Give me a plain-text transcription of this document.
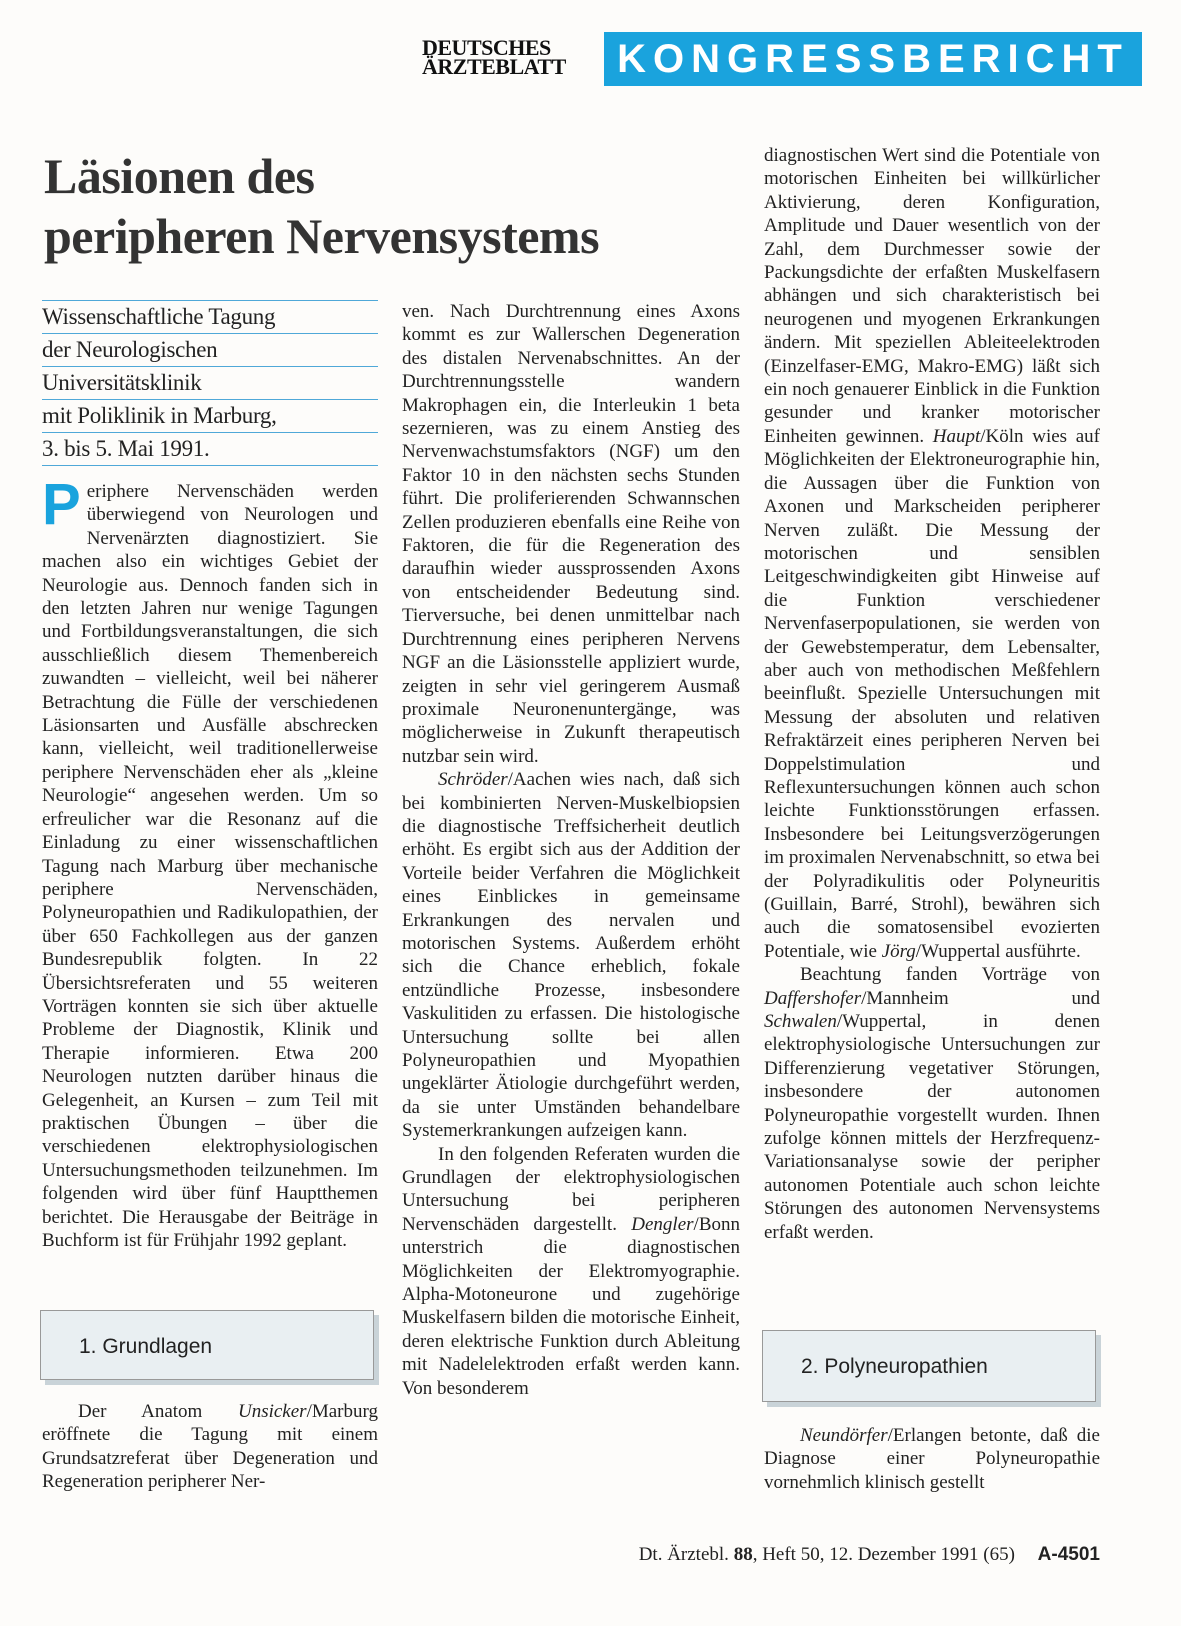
DEUTSCHES
ÄRZTEBLATT	KONGRESSBERICHT
Läsionen des
peripheren Nervensystems
Wissenschaftliche Tagung
der Neurologischen
Universitätsklinik
mit Poliklinik in Marburg,
3. bis 5. Mai 1991.

Periphere Nervenschäden werden überwiegend von Neurologen und Nervenärzten diagnostiziert. Sie machen also ein wichtiges Gebiet der Neurologie aus. Dennoch fanden sich in den letzten Jahren nur wenige Tagungen und Fortbildungsveranstaltungen, die sich ausschließlich diesem Themenbereich zuwandten – vielleicht, weil bei näherer Betrachtung die Fülle der verschiedenen Läsionsarten und Ausfälle abschrecken kann, vielleicht, weil traditionellerweise periphere Nervenschäden eher als „kleine Neurologie“ angesehen werden. Um so erfreulicher war die Resonanz auf die Einladung zu einer wissenschaftlichen Tagung nach Marburg über mechanische periphere Nervenschäden, Polyneuropathien und Radikulopathien, der über 650 Fachkollegen aus der ganzen Bundesrepublik folgten. In 22 Übersichtsreferaten und 55 weiteren Vorträgen konnten sie sich über aktuelle Probleme der Diagnostik, Klinik und Therapie informieren. Etwa 200 Neurologen nutzten darüber hinaus die Gelegenheit, an Kursen – zum Teil mit praktischen Übungen – über die verschiedenen elektrophysiologischen Untersuchungsmethoden teilzunehmen. Im folgenden wird über fünf Hauptthemen berichtet. Die Herausgabe der Beiträge in Buchform ist für Frühjahr 1992 geplant.

1. Grundlagen

Der Anatom Unsicker/Marburg eröffnete die Tagung mit einem Grundsatzreferat über Degeneration und Regeneration peripherer Ner-

ven. Nach Durchtrennung eines Axons kommt es zur Wallerschen Degeneration des distalen Nervenabschnittes. An der Durchtrennungsstelle wandern Makrophagen ein, die Interleukin 1 beta sezernieren, was zu einem Anstieg des Nervenwachstumsfaktors (NGF) um den Faktor 10 in den nächsten sechs Stunden führt. Die proliferierenden Schwannschen Zellen produzieren ebenfalls eine Reihe von Faktoren, die für die Regeneration des daraufhin wieder aussprossenden Axons von entscheidender Bedeutung sind. Tierversuche, bei denen unmittelbar nach Durchtrennung eines peripheren Nervens NGF an die Läsionsstelle appliziert wurde, zeigten in sehr viel geringerem Ausmaß proximale Neuronenuntergänge, was möglicherweise in Zukunft therapeutisch nutzbar sein wird.

Schröder/Aachen wies nach, daß sich bei kombinierten Nerven-Muskelbiopsien die diagnostische Treffsicherheit deutlich erhöht. Es ergibt sich aus der Addition der Vorteile beider Verfahren die Möglichkeit eines Einblickes in gemeinsame Erkrankungen des nervalen und motorischen Systems. Außerdem erhöht sich die Chance erheblich, fokale entzündliche Prozesse, insbesondere Vaskulitiden zu erfassen. Die histologische Untersuchung sollte bei allen Polyneuropathien und Myopathien ungeklärter Ätiologie durchgeführt werden, da sie unter Umständen behandelbare Systemerkrankungen aufzeigen kann.

In den folgenden Referaten wurden die Grundlagen der elektrophysiologischen Untersuchung bei peripheren Nervenschäden dargestellt. Dengler/Bonn unterstrich die diagnostischen Möglichkeiten der Elektromyographie. Alpha-Motoneurone und zugehörige Muskelfasern bilden die motorische Einheit, deren elektrische Funktion durch Ableitung mit Nadelelektroden erfaßt werden kann. Von besonderem

diagnostischen Wert sind die Potentiale von motorischen Einheiten bei willkürlicher Aktivierung, deren Konfiguration, Amplitude und Dauer wesentlich von der Zahl, dem Durchmesser sowie der Packungsdichte der erfaßten Muskelfasern abhängen und sich charakteristisch bei neurogenen und myogenen Erkrankungen ändern. Mit speziellen Ableiteelektroden (Einzelfaser-EMG, Makro-EMG) läßt sich ein noch genauerer Einblick in die Funktion gesunder und kranker motorischer Einheiten gewinnen. Haupt/Köln wies auf Möglichkeiten der Elektroneurographie hin, die Aussagen über die Funktion von Axonen und Markscheiden peripherer Nerven zuläßt. Die Messung der motorischen und sensiblen Leitgeschwindigkeiten gibt Hinweise auf die Funktion verschiedener Nervenfaserpopulationen, sie werden von der Gewebstemperatur, dem Lebensalter, aber auch von methodischen Meßfehlern beeinflußt. Spezielle Untersuchungen mit Messung der absoluten und relativen Refraktärzeit eines peripheren Nerven bei Doppelstimulation und Reflexuntersuchungen können auch schon leichte Funktionsstörungen erfassen. Insbesondere bei Leitungsverzögerungen im proximalen Nervenabschnitt, so etwa bei der Polyradikulitis oder Polyneuritis (Guillain, Barré, Strohl), bewähren sich auch die somatosensibel evozierten Potentiale, wie Jörg/Wuppertal ausführte.

Beachtung fanden Vorträge von Daffershofer/Mannheim und Schwalen/Wuppertal, in denen elektrophysiologische Untersuchungen zur Differenzierung vegetativer Störungen, insbesondere der autonomen Polyneuropathie vorgestellt wurden. Ihnen zufolge können mittels der Herzfrequenz-Variationsanalyse sowie der peripher autonomen Potentiale auch schon leichte Störungen des autonomen Nervensystems erfaßt werden.

2. Polyneuropathien

Neundörfer/Erlangen betonte, daß die Diagnose einer Polyneuropathie vornehmlich klinisch gestellt

Dt. Ärztebl. 88, Heft 50, 12. Dezember 1991 (65) A-4501
